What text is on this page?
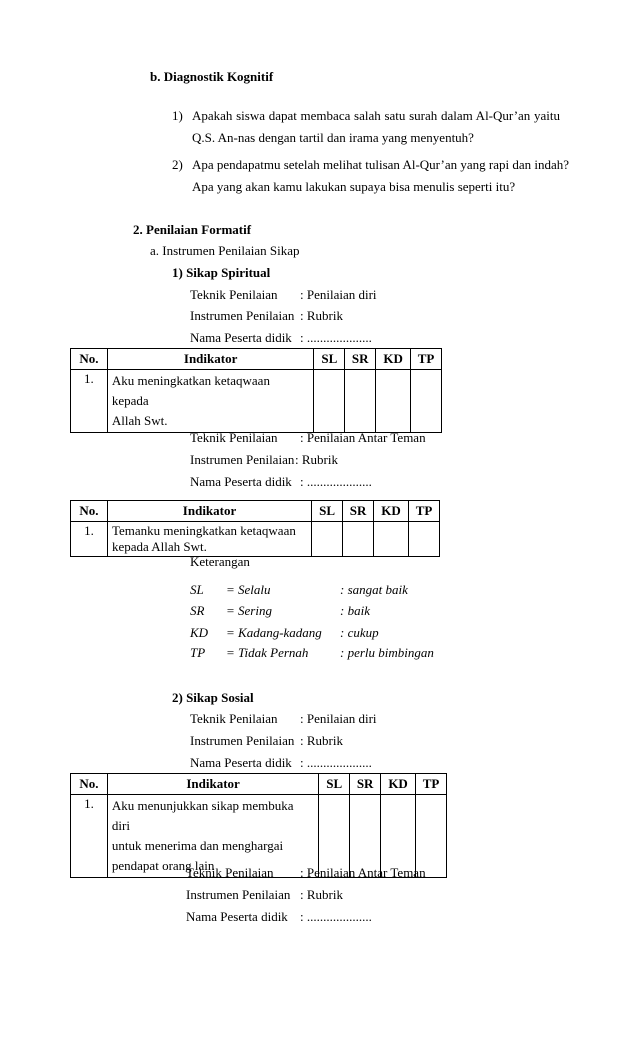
b. Diagnostik Kognitif
1) Apakah siswa dapat membaca salah satu surah dalam Al-Qur’an yaitu
Q.S. An-nas dengan tartil dan irama yang menyentuh?
2) Apa pendapatmu setelah melihat tulisan Al-Qur’an yang rapi dan indah?
Apa yang akan kamu lakukan supaya bisa menulis seperti itu?
2. Penilaian Formatif
a. Instrumen Penilaian Sikap
1) Sikap Spiritual
Teknik Penilaian : Penilaian diri
Instrumen Penilaian : Rubrik
Nama Peserta didik : ....................
No.	Indikator	SL	SR	KD	TP
1.	Aku meningkatkan ketaqwaan kepada
Allah Swt.				

Teknik Penilaian : Penilaian Antar Teman
Instrumen Penilaian : Rubrik
Nama Peserta didik : ....................
No.	Indikator	SL	SR	KD	TP
1.	Temanku meningkatkan ketaqwaan
kepada Allah Swt.				

Keterangan
SL = Selalu	: sangat baik
SR = Sering	: baik
KD = Kadang-kadang : cukup
TP = Tidak Pernah : perlu bimbingan
2) Sikap Sosial
Teknik Penilaian : Penilaian diri
Instrumen Penilaian : Rubrik
Nama Peserta didik : ....................
No.	Indikator	SL	SR	KD	TP
1.	Aku menunjukkan sikap membuka diri
untuk menerima dan menghargai
pendapat orang lain				

Teknik Penilaian : Penilaian Antar Teman
Instrumen Penilaian : Rubrik
Nama Peserta didik : ....................
